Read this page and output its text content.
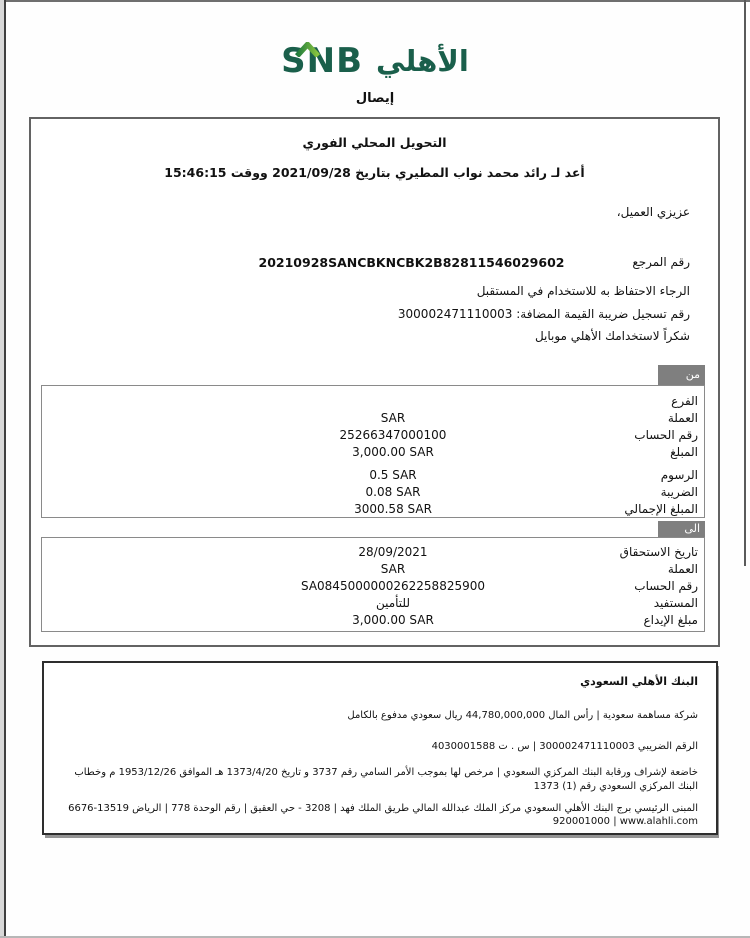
SNB الأهلي
إيصال
التحويل المحلي الفوري
أعد لـ رائد محمد نواب المطيري بتاريخ 2021/09/28 ووقت 15:46:15
عزيزي العميل،
رقم المرجع
20210928SANCBKNCBK2B82811546029602
الرجاء الاحتفاظ به للاستخدام في المستقبل
رقم تسجيل ضريبة القيمة المضافة: 300002471110003
شكراً لاستخدامك الأهلي موبايل
من
الفرع
العملة
SAR
رقم الحساب
25266347000100
المبلغ
3,000.00 SAR
الرسوم
0.5 SAR
الضريبة
0.08 SAR
المبلغ الإجمالي
3000.58 SAR
الى
تاريخ الاستحقاق
28/09/2021
العملة
SAR
رقم الحساب
SA0845000000262258825900
المستفيد
للتأمين
مبلغ الإيداع
3,000.00 SAR
البنك الأهلي السعودي
شركة مساهمة سعودية | رأس المال 44,780,000,000 ريال سعودي مدفوع بالكامل
الرقم الضريبي 300002471110003 | س . ت 4030001588
خاضعة لإشراف ورقابة البنك المركزي السعودي | مرخص لها بموجب الأمر السامي رقم 3737 و تاريخ 1373/4/20 هـ الموافق 1953/12/26 م وخطاب البنك المركزي السعودي رقم (1) 1373
المبنى الرئيسي برج البنك الأهلي السعودي مركز الملك عبدالله المالي طريق الملك فهد | 3208 - حي العقيق | رقم الوحدة 778 | الرياض 13519-6676
920001000 | www.alahli.com
